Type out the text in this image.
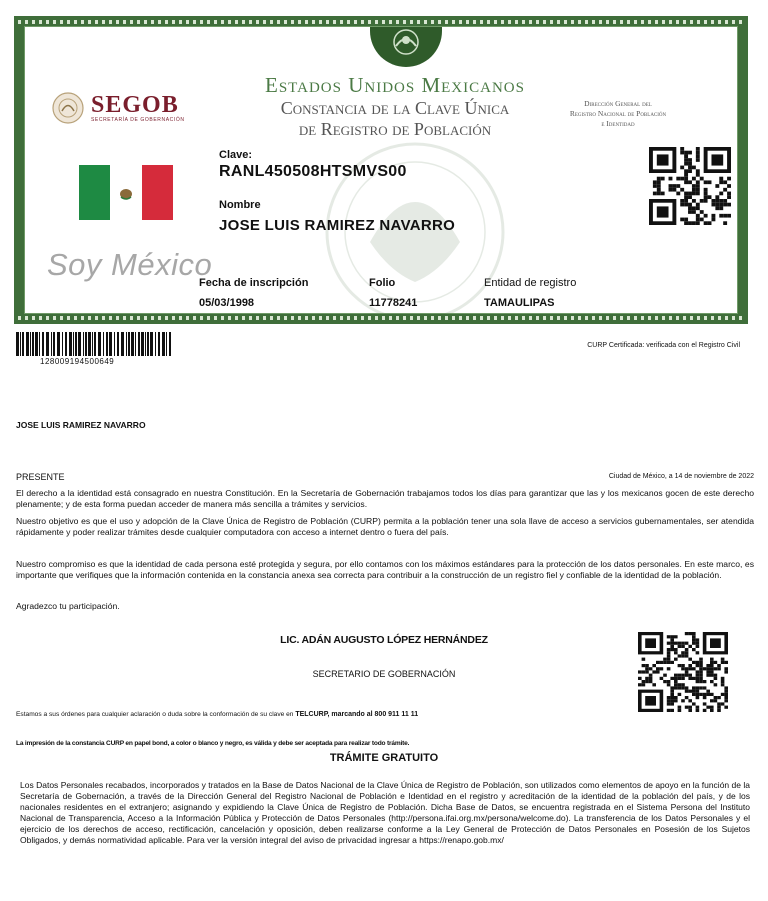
SEGOB
SECRETARÍA DE GOBERNACIÓN
Estados Unidos Mexicanos
Constancia de la Clave Única
de Registro de Población
Dirección General del
Registro Nacional de Población
e Identidad
Soy México
Clave:
RANL450508HTSMVS00
Nombre
JOSE LUIS RAMIREZ NAVARRO
Fecha de inscripción
05/03/1998
Folio
11778241
Entidad de registro
TAMAULIPAS
128009194500649
CURP Certificada: verificada con el Registro Civil
JOSE LUIS RAMIREZ NAVARRO
PRESENTE	Ciudad de México, a 14 de noviembre de 2022
El derecho a la identidad está consagrado en nuestra Constitución. En la Secretaría de Gobernación trabajamos todos los días para garantizar que las y los mexicanos gocen de este derecho plenamente; y de esta forma puedan acceder de manera más sencilla a trámites y servicios.
Nuestro objetivo es que el uso y adopción de la Clave Única de Registro de Población (CURP) permita a la población tener una sola llave de acceso a servicios gubernamentales, ser atendida rápidamente y poder realizar trámites desde cualquier computadora con acceso a internet dentro o fuera del país.
Nuestro compromiso es que la identidad de cada persona esté protegida y segura, por ello contamos con los máximos estándares para la protección de los datos personales. En este marco, es importante que verifiques que la información contenida en la constancia anexa sea correcta para contribuir a la construcción de un registro fiel y confiable de la identidad de la población.
Agradezco tu participación.
LIC. ADÁN AUGUSTO LÓPEZ HERNÁNDEZ
SECRETARIO DE GOBERNACIÓN
Estamos a sus órdenes para cualquier aclaración o duda sobre la conformación de su clave en TELCURP, marcando al 800 911 11 11
La impresión de la constancia CURP en papel bond, a color o blanco y negro, es válida y debe ser aceptada para realizar todo trámite.
TRÁMITE GRATUITO
Los Datos Personales recabados, incorporados y tratados en la Base de Datos Nacional de la Clave Única de Registro de Población, son utilizados como elementos de apoyo en la función de la Secretaría de Gobernación, a través de la Dirección General del Registro Nacional de Población e Identidad en el registro y acreditación de la identidad de la población del país, y de los nacionales residentes en el extranjero; asignando y expidiendo la Clave Única de Registro de Población. Dicha Base de Datos, se encuentra registrada en el Sistema Persona del Instituto Nacional de Transparencia, Acceso a la Información Pública y Protección de Datos Personales (http://persona.ifai.org.mx/persona/welcome.do). La transferencia de los Datos Personales y el ejercicio de los derechos de acceso, rectificación, cancelación y oposición, deben realizarse conforme a la Ley General de Protección de Datos Personales en Posesión de los Sujetos Obligados, y demás normatividad aplicable. Para ver la versión integral del aviso de privacidad ingresar a https://renapo.gob.mx/
